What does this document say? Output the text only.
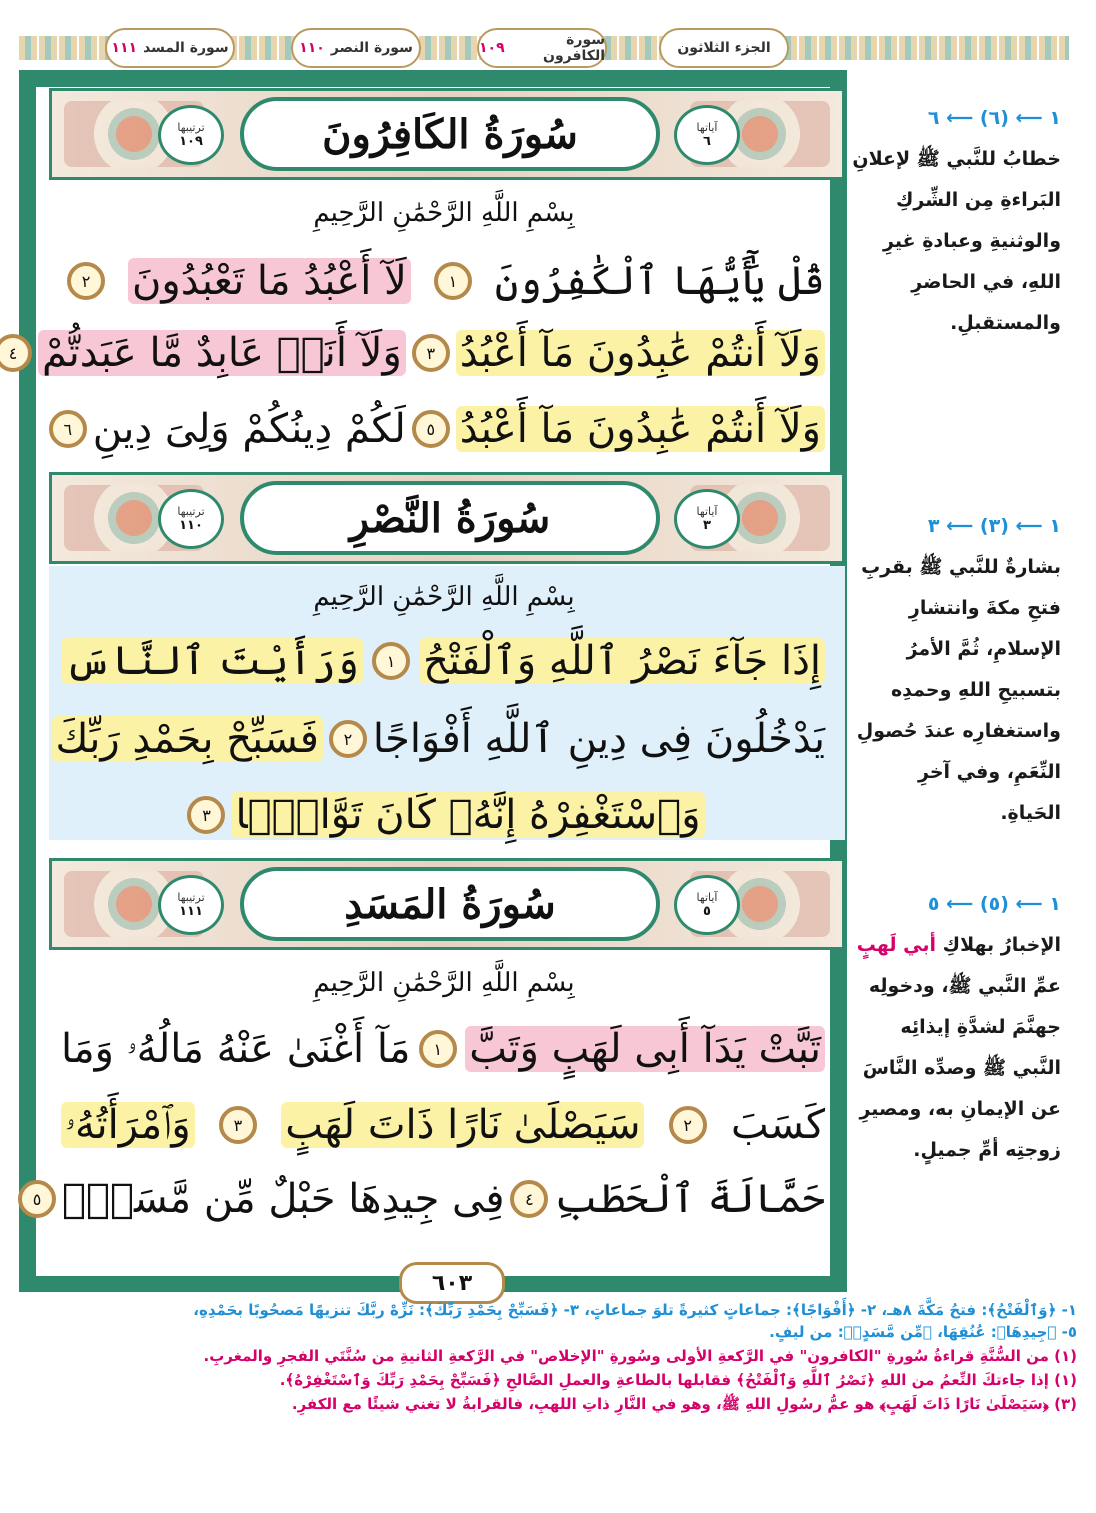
الجزء الثلاثون
سورة الكافرون
١٠٩
سورة النصر
١١٠
سورة المسد
١١١
آياتها
٦
سُورَةُ الكَافِرُونَ
ترتيبها
١٠٩
بِسْمِ اللَّهِ الرَّحْمَٰنِ الرَّحِيمِ
قُلْ يَٰٓأَيُّهَا ٱلْكَٰفِرُونَ
١
لَآ أَعْبُدُ مَا تَعْبُدُونَ
٢
وَلَآ أَنتُمْ عَٰبِدُونَ مَآ أَعْبُدُ
٣
وَلَآ أَنَا۠ عَابِدٌ مَّا عَبَدتُّمْ
٤
وَلَآ أَنتُمْ عَٰبِدُونَ مَآ أَعْبُدُ
٥
لَكُمْ دِينُكُمْ وَلِىَ دِينِ
٦
آياتها
٣
سُورَةُ النَّصْرِ
ترتيبها
١١٠
بِسْمِ اللَّهِ الرَّحْمَٰنِ الرَّحِيمِ
إِذَا جَآءَ نَصْرُ ٱللَّهِ وَٱلْفَتْحُ
١
وَرَأَيْتَ ٱلنَّاسَ
يَدْخُلُونَ فِى دِينِ ٱللَّهِ أَفْوَاجًا
٢
فَسَبِّحْ بِحَمْدِ رَبِّكَ
وَٱسْتَغْفِرْهُ إِنَّهُۥ كَانَ تَوَّابًۢا
٣
آياتها
٥
سُورَةُ المَسَدِ
ترتيبها
١١١
بِسْمِ اللَّهِ الرَّحْمَٰنِ الرَّحِيمِ
تَبَّتْ يَدَآ أَبِى لَهَبٍ وَتَبَّ
١
مَآ أَغْنَىٰ عَنْهُ مَالُهُۥ وَمَا
كَسَبَ
٢
سَيَصْلَىٰ نَارًا ذَاتَ لَهَبٍ
٣
وَٱمْرَأَتُهُۥ
حَمَّالَةَ ٱلْحَطَبِ
٤
فِى جِيدِهَا حَبْلٌ مِّن مَّسَدٍۭ
٥
٦٠٣
١ ⟵ (٦) ⟵ ٦
خطابُ للنَّبي ﷺ لإعلانِ البَراءةِ مِن الشِّركِ والوثنيةِ وعبادةِ غيرِ اللهِ، في الحاضرِ والمستقبلِ.
١ ⟵ (٣) ⟵ ٣
بشارةٌ للنَّبي ﷺ بقربِ فتحِ مكةَ وانتشارِ الإسلامِ، ثُمَّ الأمرُ بتسبيحِ اللهِ وحمدِه واستغفارِه عندَ حُصولِ النِّعَمِ، وفي آخرِ الحَياةِ.
١ ⟵ (٥) ⟵ ٥
الإخبارُ بهلاكِ أبي لَهبٍ عمِّ النَّبي ﷺ، ودخولِه جهنَّمَ لشدَّةِ إيذائِه النَّبي ﷺ وصدِّه النَّاسَ عن الإيمانِ به، ومصيرِ زوجتِه أمِّ جميلٍ.
١- ﴿وَٱلْفَتْحُ﴾: فتحُ مَكَّةَ ٨هـ، ٢- ﴿أَفْوَاجًا﴾: جماعاتٍ كثيرةً تلوَ جماعاتٍ، ٣- ﴿فَسَبِّحْ بِحَمْدِ رَبِّكَ﴾: نَزِّهْ ربَّكَ تنزيهًا مَصحُوبًا بحَمْدِهِ،
٥- ﴿جِيدِهَا﴾: عُنُقِهَا، ﴿مِّن مَّسَدٍۭ﴾: من ليفٍ.
(١) من السُّنَّةِ قراءةُ سُورةِ "الكافرون" في الرَّكعةِ الأولى وسُورةِ "الإخلاص" في الرَّكعةِ الثانيةِ من سُنَّتَي الفجرِ والمغربِ.
(١) إذا جاءتكَ النِّعمُ من اللهِ ﴿نَصْرُ ٱللَّهِ وَٱلْفَتْحُ﴾ فقابلها بالطاعةِ والعملِ الصَّالحِ ﴿فَسَبِّحْ بِحَمْدِ رَبِّكَ وَٱسْتَغْفِرْهُ﴾.
(٣) ﴿سَيَصْلَىٰ نَارًا ذَاتَ لَهَبٍ﴾ هو عمُّ رسُولِ اللهِ ﷺ، وهو في النَّارِ ذاتِ اللهبِ، فالقرابةُ لا تغني شيئًا مع الكفرِ.
